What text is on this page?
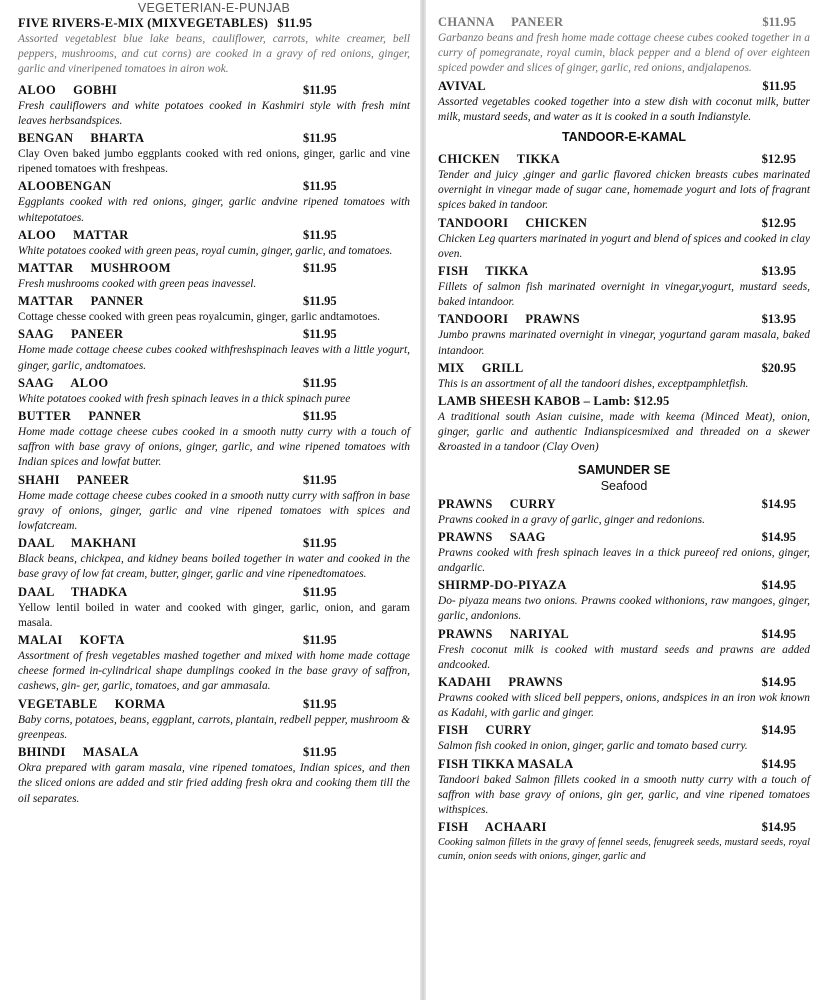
VEGETERIAN-E-PUNJAB

FIVE RIVERS-E-MIX (MIXVEGETABLES) $11.95

Assorted vegetablest blue lake beans, cauliflower, carrots, white creamer, bell peppers, mushrooms, and cut corns) are cooked in a gravy of red onions, ginger, garlic and vineripened tomatoes in airon wok.

ALOO     GOBHI	$11.95

Fresh cauliflowers and white potatoes cooked in Kashmiri style with fresh mint leaves herbsandspices.

BENGAN     BHARTA	$11.95

Clay Oven baked jumbo eggplants cooked with red onions, ginger, garlic and vine ripened tomatoes with freshpeas.

ALOOBENGAN	$11.95

Eggplants cooked with red onions, ginger, garlic andvine ripened tomatoes with whitepotatoes.

ALOO     MATTAR	$11.95

White potatoes cooked with green peas, royal cumin, ginger, garlic, and tomatoes.

MATTAR     MUSHROOM	$11.95

Fresh mushrooms cooked with green peas inavessel.

MATTAR     PANNER	$11.95

Cottage chesse cooked with green peas royalcumin, ginger, garlic andtamotoes.

SAAG     PANEER	$11.95

Home made cottage cheese cubes cooked withfreshspinach leaves with a little yogurt, ginger, garlic, andtomatoes.

SAAG     ALOO	$11.95

White potatoes cooked with fresh spinach leaves in a thick spinach puree

BUTTER     PANNER	$11.95

Home made cottage cheese cubes cooked in a smooth nutty curry with a touch of saffron with base gravy of onions, ginger, garlic, and wine ripened tomatoes with Indian spices and lowfat butter.

SHAHI     PANEER	$11.95

Home made cottage cheese cubes cooked in a smooth nutty curry with saffron in base gravy of onions, ginger, garlic and vine ripened tomatoes with spices and lowfatcream.

DAAL     MAKHANI	$11.95

Black beans, chickpea, and kidney beans boiled together in water and cooked in the base gravy of low fat cream, butter, ginger, garlic and vine ripenedtomatoes.

DAAL     THADKA	$11.95

Yellow lentil boiled in water and cooked with ginger, garlic, onion, and garam masala.

MALAI     KOFTA	$11.95

Assortment of fresh vegetables mashed together and mixed with home made cottage cheese formed in-cylindrical shape dumplings cooked in the base gravy of saffron, cashews, gin- ger, garlic, tomatoes, and gar ammasala.

VEGETABLE     KORMA	$11.95

Baby corns, potatoes, beans, eggplant, carrots, plantain, redbell pepper, mushroom & greenpeas.

BHINDI     MASALA	$11.95

Okra prepared with garam masala, vine ripened tomatoes, Indian spices, and then the sliced onions are added and stir fried adding fresh okra and cooking them till the oil separates.

CHANNA     PANEER	$11.95

Garbanzo beans and fresh home made cottage cheese cubes cooked together in a curry of pomegranate, royal cumin, black pepper and a blend of over eighteen spiced powder and slices of ginger, garlic, red onions, andjalapenos.

AVIVAL	$11.95

Assorted vegetables cooked together into a stew dish with coconut milk, butter milk, mustard seeds, and water as it is cooked in a south Indianstyle.

TANDOOR-E-KAMAL

CHICKEN     TIKKA	$12.95

Tender and juicy ,ginger and garlic flavored chicken breasts cubes marinated overnight in vinegar made of sugar cane, homemade yogurt and lots of fragrant spices baked in tandoor.

TANDOORI     CHICKEN	$12.95

Chicken Leg quarters marinated in yogurt and blend of spices and cooked in clay oven.

FISH     TIKKA	$13.95

Fillets of salmon fish marinated overnight in vinegar,yogurt, mustard seeds, baked intandoor.

TANDOORI     PRAWNS	$13.95

Jumbo prawns marinated overnight in vinegar, yogurtand garam masala, baked intandoor.

MIX     GRILL	$20.95

This is an assortment of all the tandoori dishes, exceptpamphletfish.

LAMB SHEESH KABOB – Lamb: $12.95

A traditional south Asian cuisine, made with keema (Minced Meat), onion, ginger, garlic and authentic Indianspicesmixed and threaded on a skewer &roasted in a tandoor (Clay Oven)

SAMUNDER SE

Seafood

PRAWNS     CURRY	$14.95

Prawns cooked in a gravy of garlic, ginger and redonions.

PRAWNS     SAAG	$14.95

Prawns cooked with fresh spinach leaves in a thick pureeof red onions, ginger, andgarlic.

SHIRMP-DO-PIYAZA	$14.95

Do- piyaza means two onions. Prawns cooked withonions, raw mangoes, ginger, garlic, andonions.

PRAWNS     NARIYAL	$14.95

Fresh coconut milk is cooked with mustard seeds and prawns are added andcooked.

KADAHI     PRAWNS	$14.95

Prawns cooked with sliced bell peppers, onions, andspices in an iron wok known as Kadahi, with garlic and ginger.

FISH     CURRY	$14.95

Salmon fish cooked in onion, ginger, garlic and tomato based curry.

FISH TIKKA MASALA	$14.95

Tandoori baked Salmon fillets cooked in a smooth nutty curry with a touch of saffron with base gravy of onions, gin ger, garlic, and vine ripened tomatoes withspices.

FISH     ACHAARI	$14.95

Cooking salmon fillets in the gravy of fennel seeds, fenugreek seeds, mustard seeds, royal cumin, onion seeds with onions, ginger, garlic and
